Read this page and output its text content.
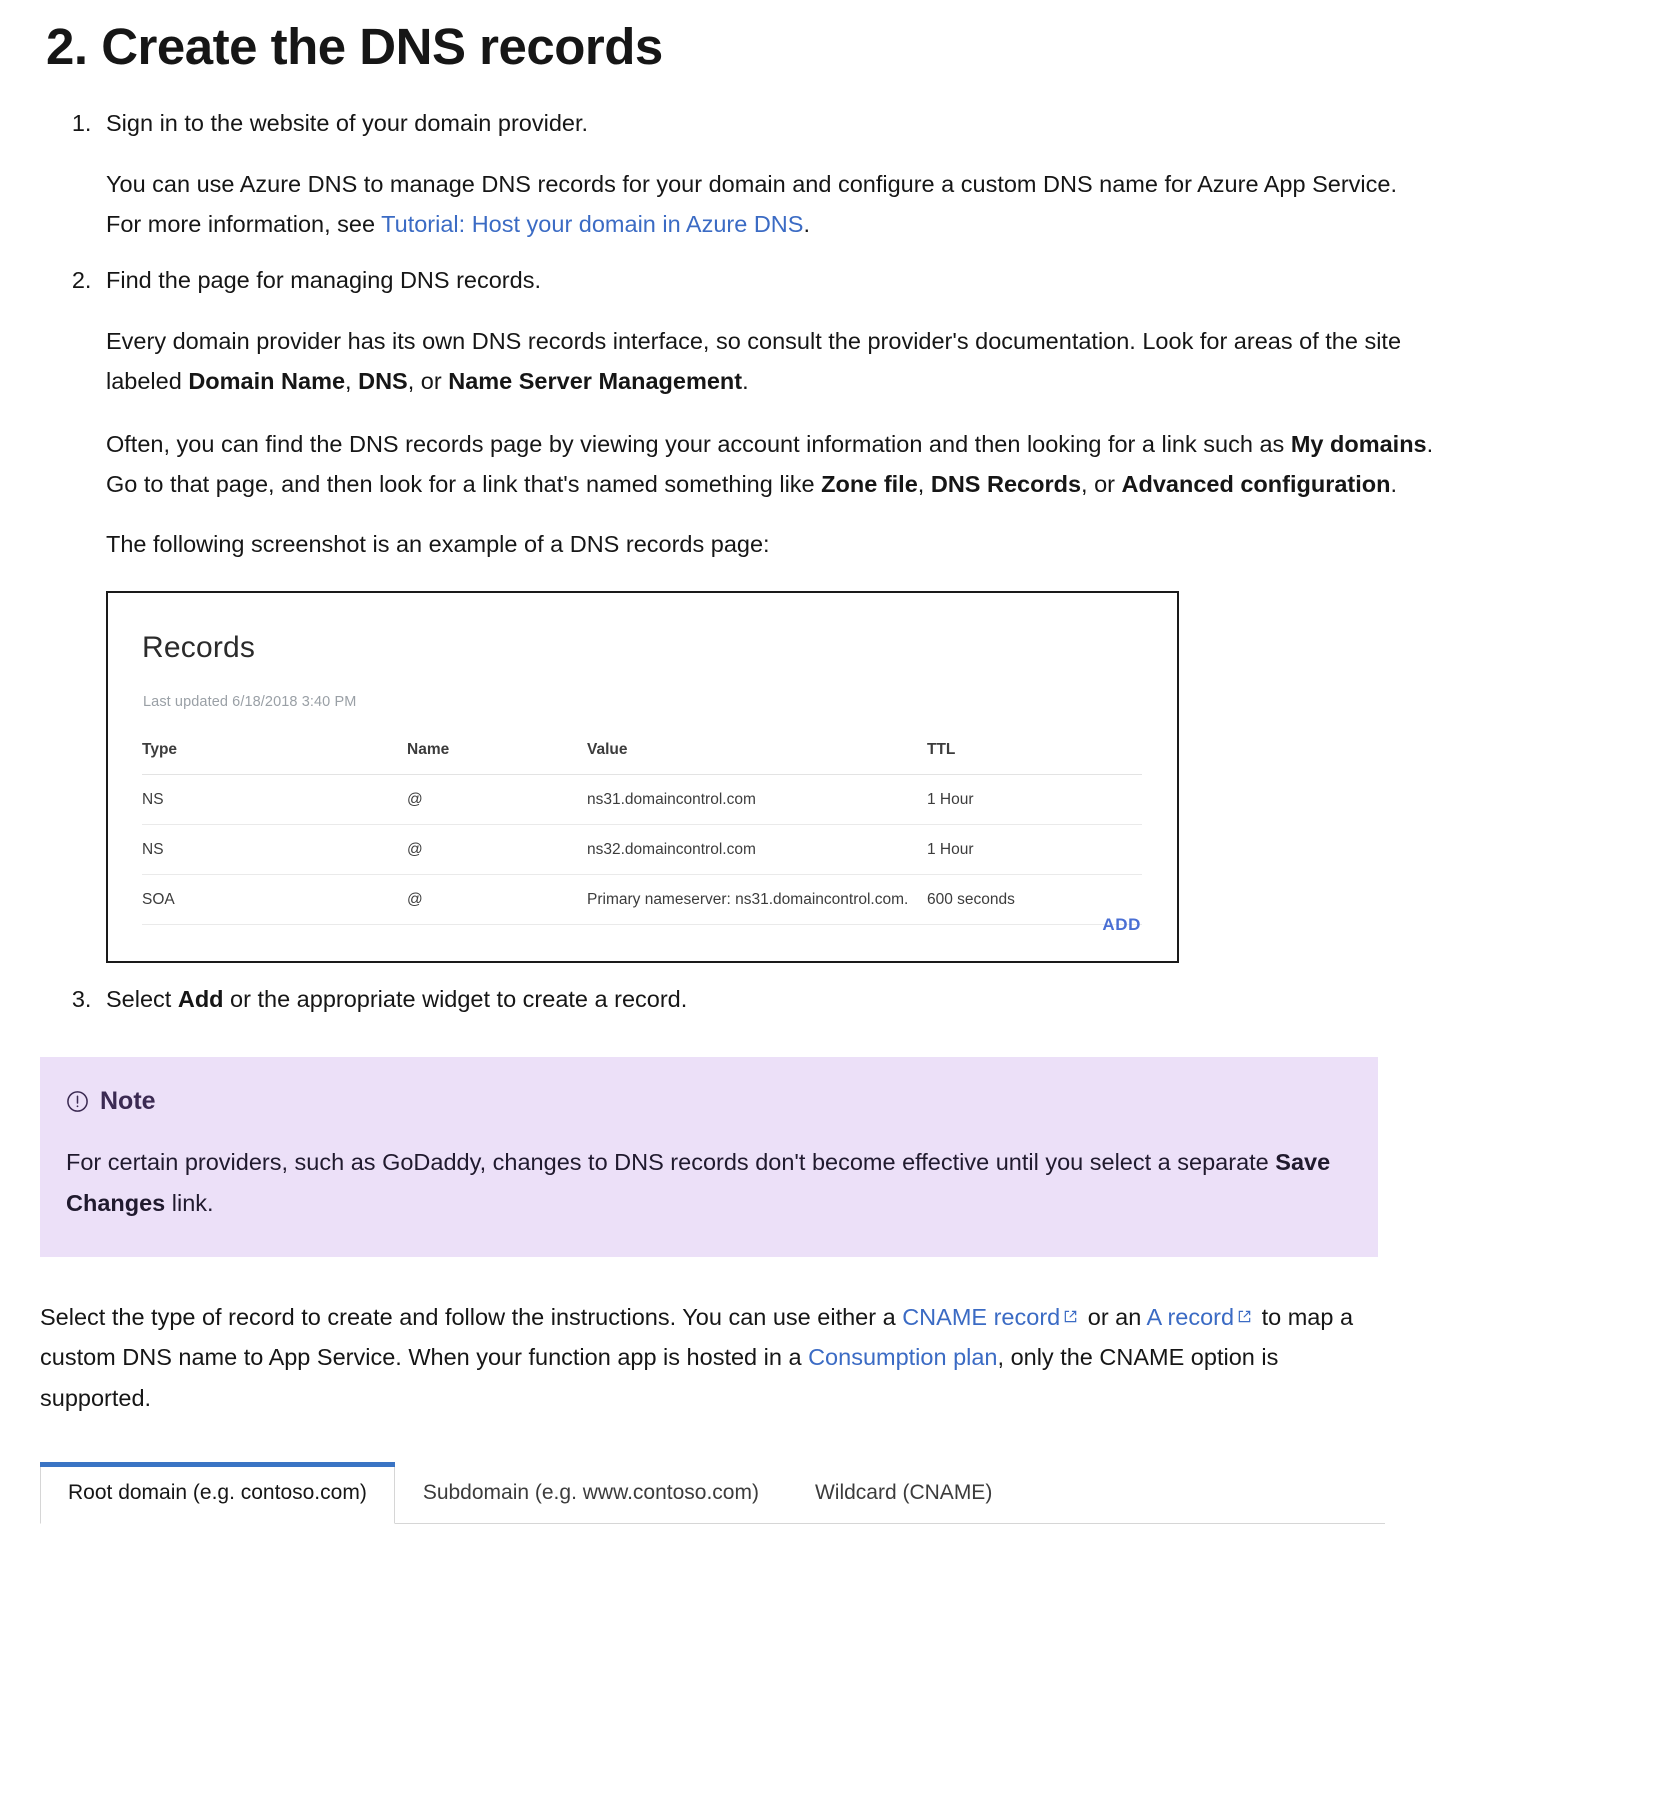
2. Create the DNS records
1. Sign in to the website of your domain provider.

You can use Azure DNS to manage DNS records for your domain and configure a custom DNS name for Azure App Service. For more information, see Tutorial: Host your domain in Azure DNS.

2. Find the page for managing DNS records.

Every domain provider has its own DNS records interface, so consult the provider's documentation. Look for areas of the site labeled Domain Name, DNS, or Name Server Management.

Often, you can find the DNS records page by viewing your account information and then looking for a link such as My domains. Go to that page, and then look for a link that's named something like Zone file, DNS Records, or Advanced configuration.

The following screenshot is an example of a DNS records page:

Records
Last updated 6/18/2018 3:40 PM
Type	Name	Value	TTL
NS	@	ns31.domaincontrol.com	1 Hour
NS	@	ns32.domaincontrol.com	1 Hour
SOA	@	Primary nameserver: ns31.domaincontrol.com.	600 seconds
ADD
3. Select Add or the appropriate widget to create a record.
Note
For certain providers, such as GoDaddy, changes to DNS records don't become effective until you select a separate Save Changes link.

Select the type of record to create and follow the instructions. You can use either a CNAME record
or an A record
to map a custom DNS name to App Service. When your function app is hosted in a Consumption plan, only the CNAME option is supported.

Root domain (e.g. contoso.com)	Subdomain (e.g. www.contoso.com)	Wildcard (CNAME)
